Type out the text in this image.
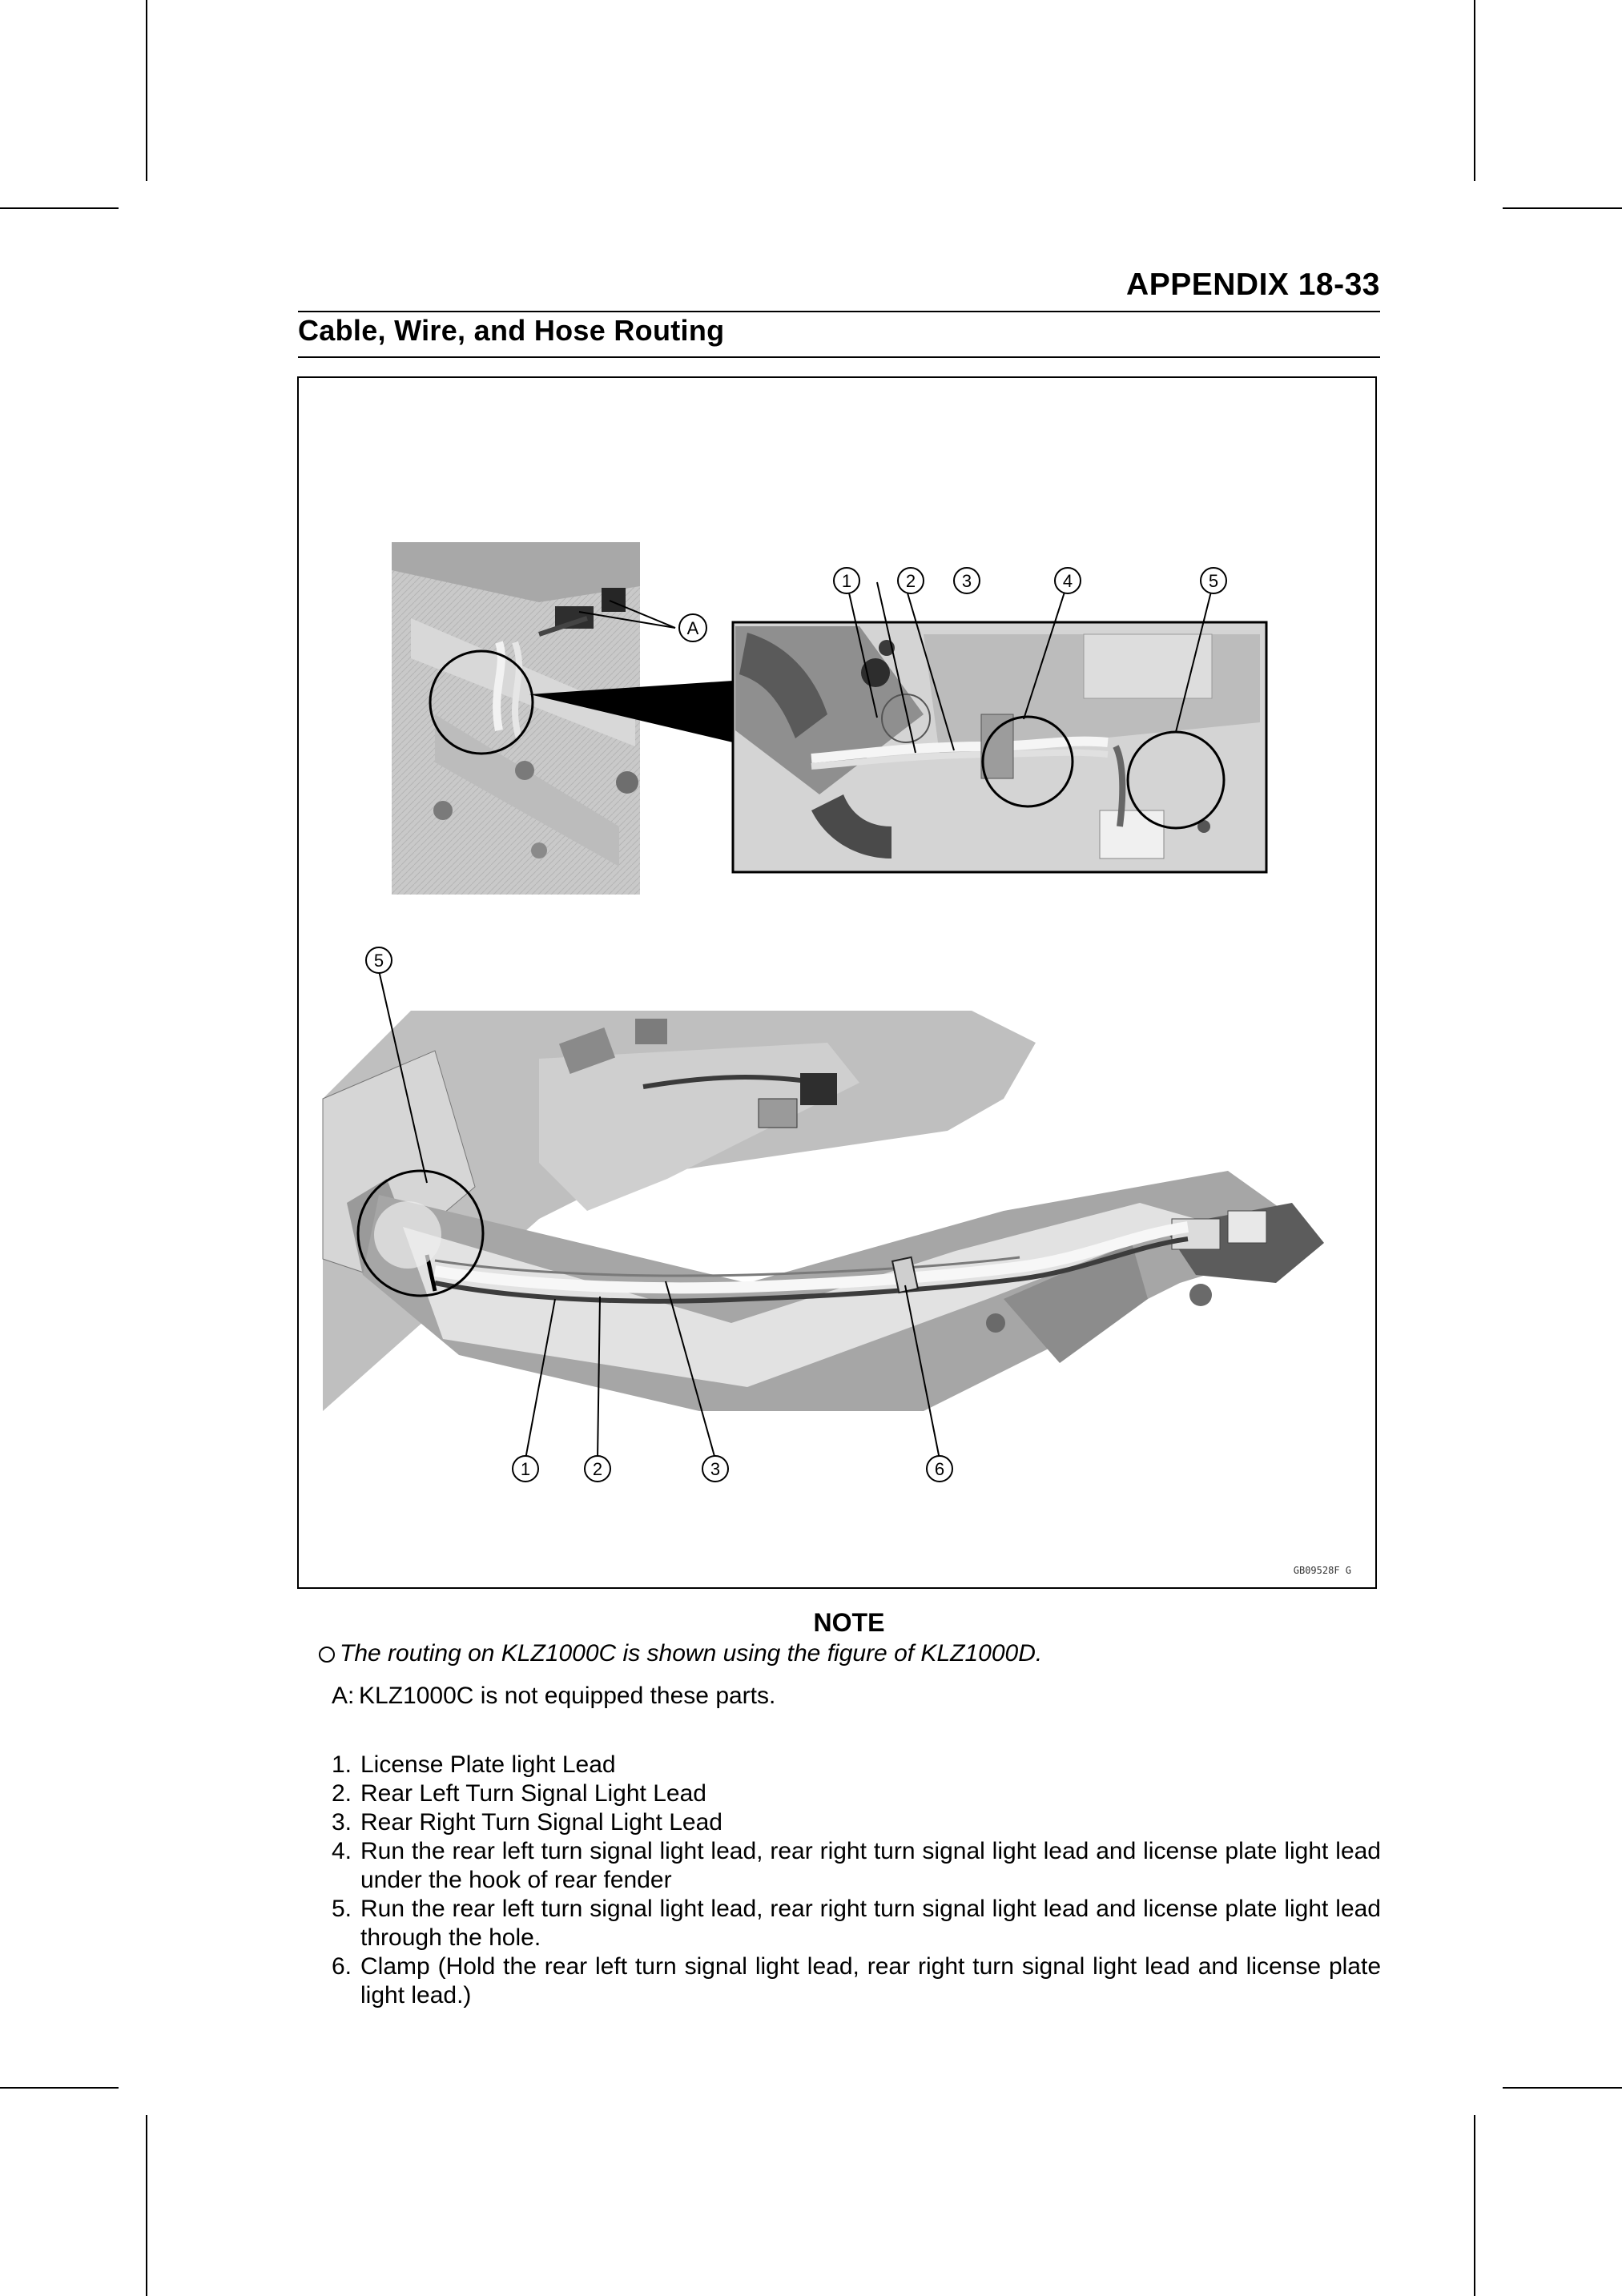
APPENDIX 18-33
Cable, Wire, and Hose Routing
1	2	3	4	5
A
5
1	2	3	6
GB09528F G
NOTE
The routing on KLZ1000C is shown using the figure of KLZ1000D.
A: KLZ1000C is not equipped these parts.
1. License Plate light Lead
2. Rear Left Turn Signal Light Lead
3. Rear Right Turn Signal Light Lead
4. Run the rear left turn signal light lead, rear right turn signal light lead and license plate light lead under the hook of rear fender
5. Run the rear left turn signal light lead, rear right turn signal light lead and license plate light lead through the hole.
6. Clamp (Hold the rear left turn signal light lead, rear right turn signal light lead and license plate light lead.)
